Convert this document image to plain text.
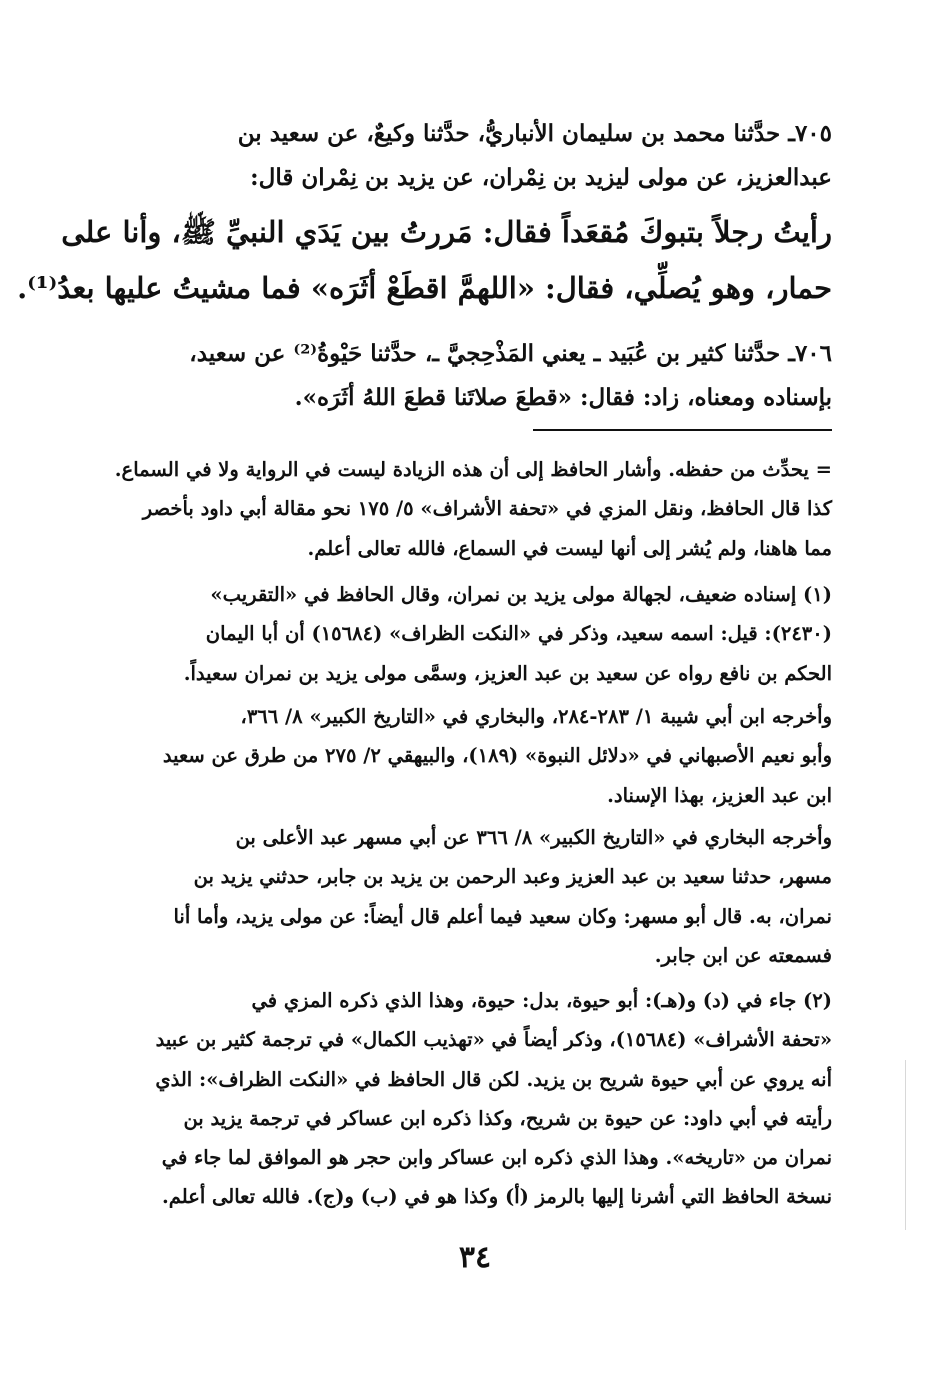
٧٠٥ـ حدَّثنا محمد بن سليمان الأنباريُّ، حدَّثنا وكيعٌ، عن سعيد بن
عبدالعزيز، عن مولى ليزيد بن نِمْران، عن يزيد بن نِمْران قال:
رأيتُ رجلاً بتبوكَ مُقعَداً فقال: مَررتُ بين يَدَي النبيِّ ﷺ، وأنا على
حمار، وهو يُصلِّي، فقال: «اللهمَّ اقطَعْ أثَرَه» فما مشيتُ عليها بعدُ⁽¹⁾.
٧٠٦ـ حدَّثنا كثير بن عُبَيد ـ يعني المَذْحِجيَّ ـ، حدَّثنا حَيْوةُ⁽²⁾ عن سعيد،
بإسناده ومعناه، زاد: فقال: «قطعَ صلاتَنا قطعَ اللهُ أثَرَه».
= يحدِّث من حفظه. وأشار الحافظ إلى أن هذه الزيادة ليست في الرواية ولا في السماع.
كذا قال الحافظ، ونقل المزي في «تحفة الأشراف» ٥/ ١٧٥ نحو مقالة أبي داود بأخصر
مما هاهنا، ولم يُشر إلى أنها ليست في السماع، فالله تعالى أعلم.
(١) إسناده ضعيف، لجهالة مولى يزيد بن نمران، وقال الحافظ في «التقريب»
(٢٤٣٠): قيل: اسمه سعيد، وذكر في «النكت الظراف» (١٥٦٨٤) أن أبا اليمان
الحكم بن نافع رواه عن سعيد بن عبد العزيز، وسمَّى مولى يزيد بن نمران سعيداً.
وأخرجه ابن أبي شيبة ١/ ٢٨٣-٢٨٤، والبخاري في «التاريخ الكبير» ٨/ ٣٦٦،
وأبو نعيم الأصبهاني في «دلائل النبوة» (١٨٩)، والبيهقي ٢/ ٢٧٥ من طرق عن سعيد
ابن عبد العزيز، بهذا الإسناد.
وأخرجه البخاري في «التاريخ الكبير» ٨/ ٣٦٦ عن أبي مسهر عبد الأعلى بن
مسهر، حدثنا سعيد بن عبد العزيز وعبد الرحمن بن يزيد بن جابر، حدثني يزيد بن
نمران، به. قال أبو مسهر: وكان سعيد فيما أعلم قال أيضاً: عن مولى يزيد، وأما أنا
فسمعته عن ابن جابر.
(٢) جاء في (د) و(هـ): أبو حيوة، بدل: حيوة، وهذا الذي ذكره المزي في
«تحفة الأشراف» (١٥٦٨٤)، وذكر أيضاً في «تهذيب الكمال» في ترجمة كثير بن عبيد
أنه يروي عن أبي حيوة شريح بن يزيد. لكن قال الحافظ في «النكت الظراف»: الذي
رأيته في أبي داود: عن حيوة بن شريح، وكذا ذكره ابن عساكر في ترجمة يزيد بن
نمران من «تاريخه». وهذا الذي ذكره ابن عساكر وابن حجر هو الموافق لما جاء في
نسخة الحافظ التي أشرنا إليها بالرمز (أ) وكذا هو في (ب) و(ج). فالله تعالى أعلم.
٣٤
